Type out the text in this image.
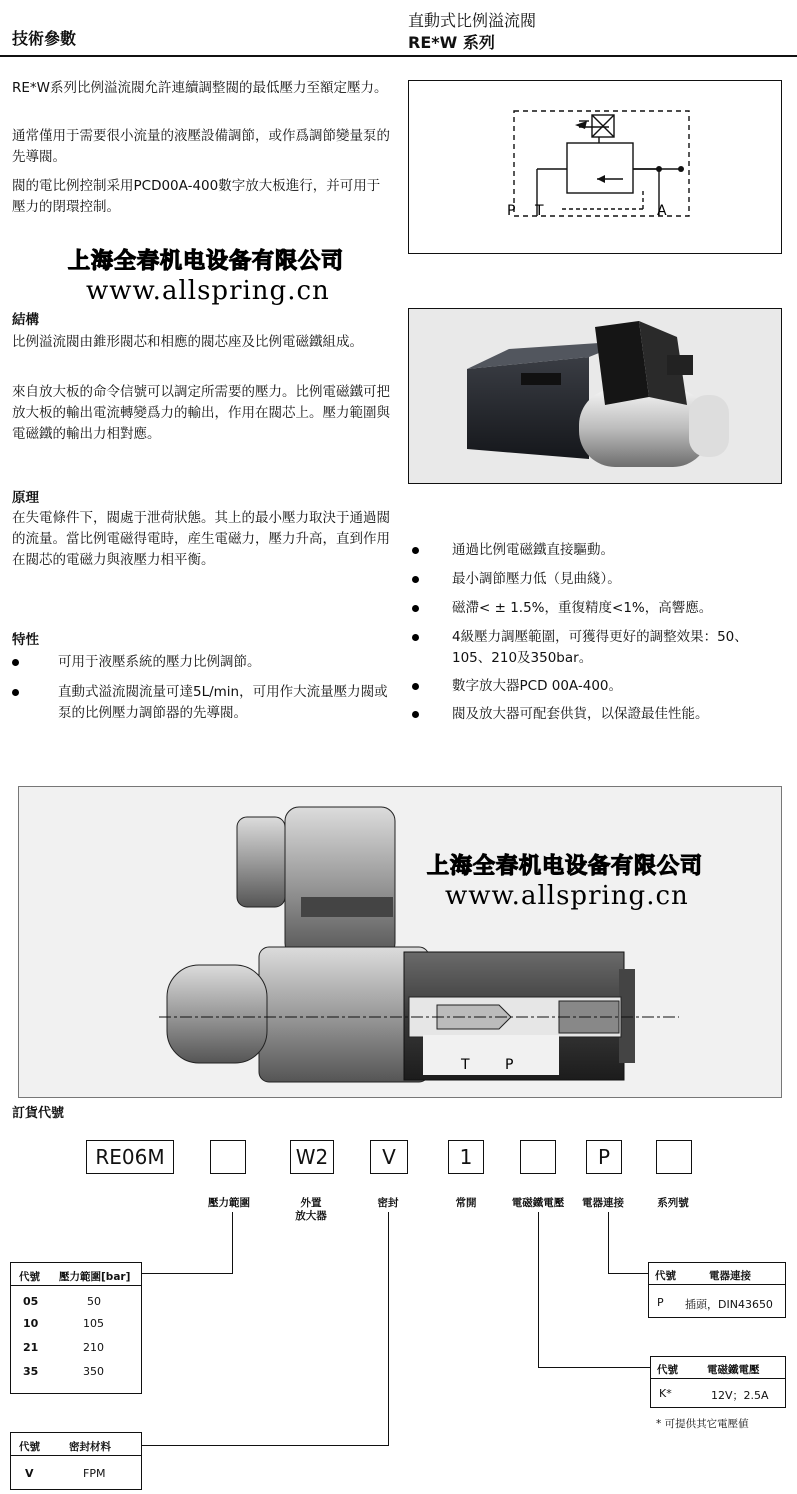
技術參數
直動式比例溢流閥
RE*W 系列
RE*W系列比例溢流閥允許連續調整閥的最低壓力至額定壓力。
通常僅用于需要很小流量的液壓設備調節，或作爲調節變量泵的先導閥。
閥的電比例控制采用PCD00A-400數字放大板進行，并可用于壓力的閉環控制。
上海全春机电设备有限公司
www.allspring.cn
P T	A
結構
比例溢流閥由錐形閥芯和相應的閥芯座及比例電磁鐵組成。
來自放大板的命令信號可以調定所需要的壓力。比例電磁鐵可把放大板的輸出電流轉變爲力的輸出，作用在閥芯上。壓力範圍與電磁鐵的輸出力相對應。
原理
在失電條件下，閥處于泄荷狀態。其上的最小壓力取決于通過閥的流量。當比例電磁得電時，産生電磁力，壓力升高，直到作用在閥芯的電磁力與液壓力相平衡。
特性
可用于液壓系統的壓力比例調節。
直動式溢流閥流量可達5L/min，可用作大流量壓力閥或泵的比例壓力調節器的先導閥。
通過比例電磁鐵直接驅動。
最小調節壓力低（見曲綫）。
磁滯< ± 1.5%，重復精度<1%，高響應。
4級壓力調壓範圍，可獲得更好的調整效果：50、105、210及350bar。
數字放大器PCD 00A-400。
閥及放大器可配套供貨，以保證最佳性能。
T	P
上海全春机电设备有限公司
www.allspring.cn
訂貨代號
RE06M	W2	V	1	P
壓力範圍	外置
放大器
密封	常開	電磁鐵電壓	電器連接	系列號
代號 壓力範圍[bar]
05	50
10	105
21	210
35	350
代號	密封材料
V	FPM
代號	電器連接
P 插頭，DIN43650
代號	電磁鐵電壓
K*	12V；2.5A
* 可提供其它電壓値
